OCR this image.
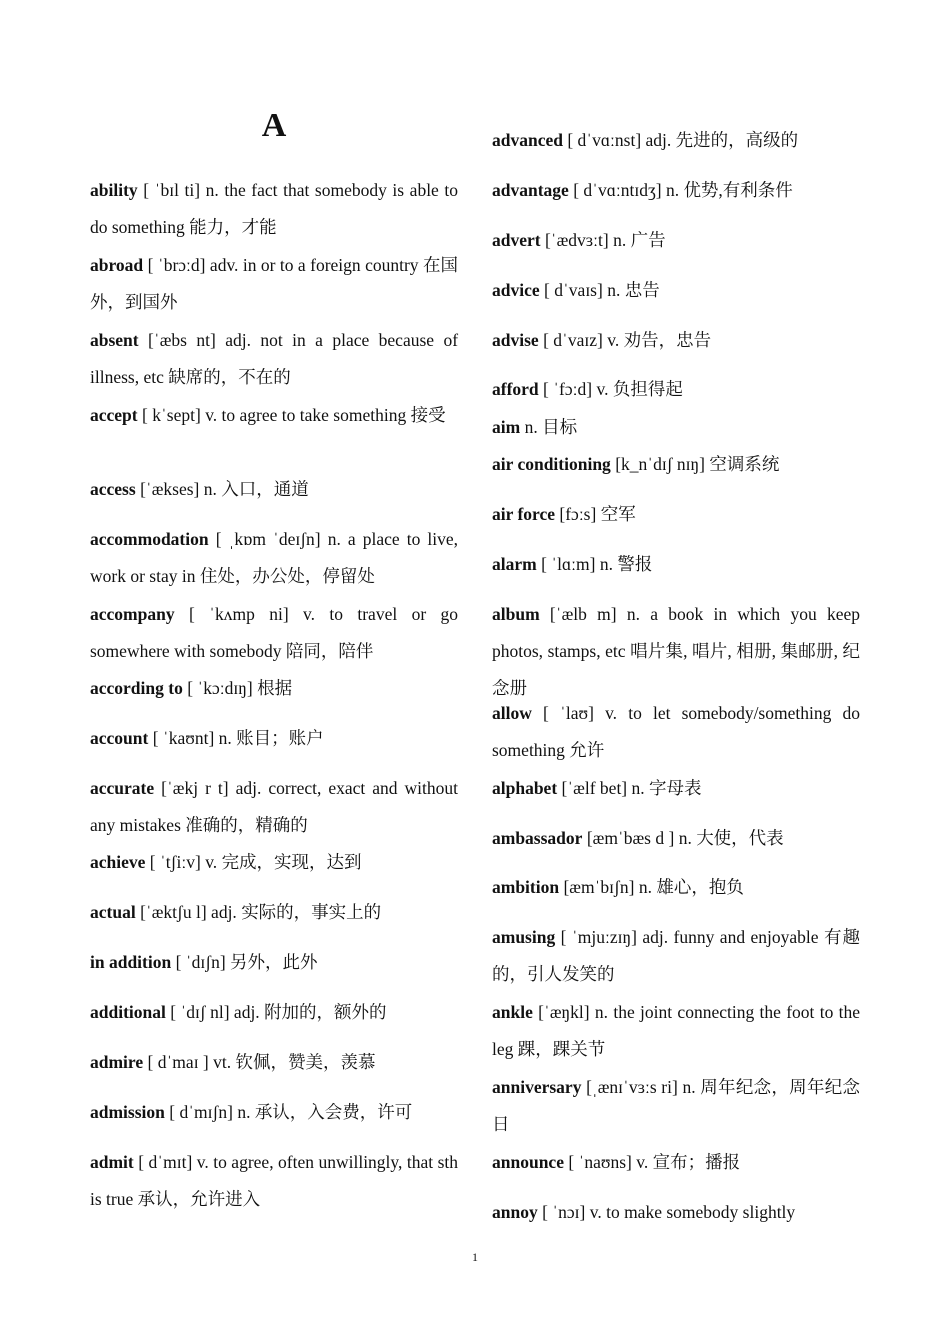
A
ability [ ˈbɪl ti] n. the fact that somebody is able to do something 能力，才能
abroad [ ˈbrɔːd] adv. in or to a foreign country 在国外，到国外
absent [ˈæbs nt] adj. not in a place because of illness, etc 缺席的，不在的
accept [ kˈsept] v. to agree to take something 接受
access [ˈækses] n. 入口，通道
accommodation [ ˌkɒm ˈdeɪʃn] n. a place to live, work or stay in 住处，办公处，停留处
accompany [ ˈkʌmp ni] v. to travel or go somewhere with somebody 陪同，陪伴
according to [ ˈkɔːdɪŋ] 根据
account [ ˈkaʊnt] n. 账目；账户
accurate [ˈækj r t] adj. correct, exact and without any mistakes 准确的，精确的
achieve [ ˈtʃiːv] v. 完成，实现，达到
actual [ˈæktʃu l] adj. 实际的，事实上的
in addition [ ˈdɪʃn] 另外，此外
additional [ ˈdɪʃ nl] adj. 附加的，额外的
admire [ dˈmaɪ ] vt. 钦佩，赞美，羡慕
admission [ dˈmɪʃn] n. 承认，入会费，许可
admit [ dˈmɪt] v. to agree, often unwillingly, that sth is true 承认，允许进入
advanced [ dˈvɑːnst] adj. 先进的，高级的
advantage [ dˈvɑːntɪdʒ] n. 优势,有利条件
advert [ˈædvɜːt] n. 广告
advice [ dˈvaɪs] n. 忠告
advise [ dˈvaɪz] v. 劝告，忠告
afford [ ˈfɔːd] v. 负担得起
aim n. 目标
air conditioning [k_nˈdɪʃ nɪŋ] 空调系统
air force [fɔːs] 空军
alarm [ ˈlɑːm] n. 警报
album [ˈælb m] n. a book in which you keep photos, stamps, etc 唱片集, 唱片, 相册, 集邮册, 纪念册
allow [ ˈlaʊ] v. to let somebody/something do something 允许
alphabet [ˈælf bet] n. 字母表
ambassador [æmˈbæs d ] n. 大使，代表
ambition [æmˈbɪʃn] n. 雄心，抱负
amusing [ ˈmjuːzɪŋ] adj. funny and enjoyable 有趣的，引人发笑的
ankle [ˈæŋkl] n. the joint connecting the foot to the leg 踝，踝关节
anniversary [ˌænɪˈvɜːs ri] n. 周年纪念，周年纪念日
announce [ ˈnaʊns] v. 宣布；播报
annoy [ ˈnɔɪ] v. to make somebody slightly
1
